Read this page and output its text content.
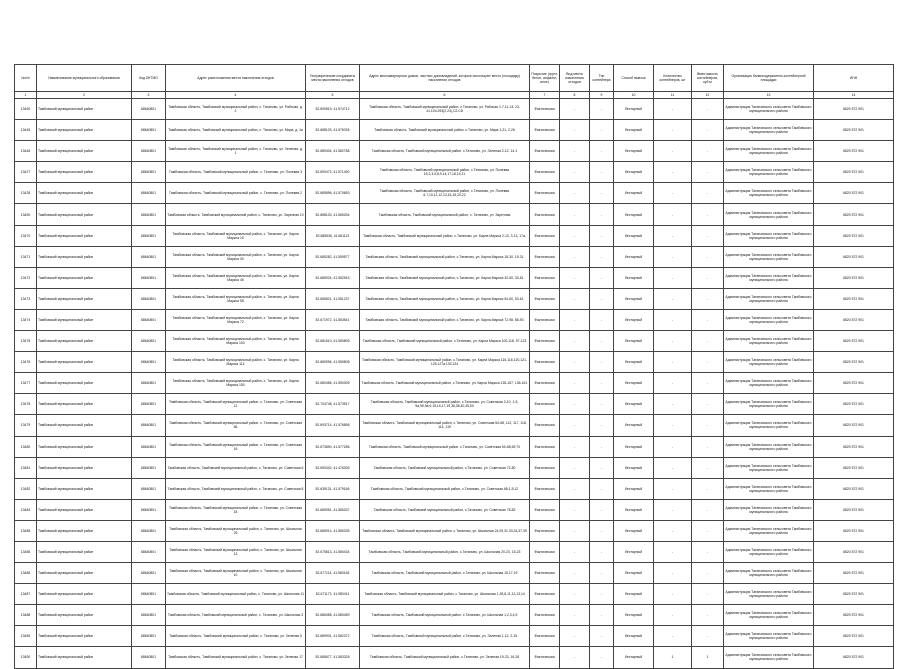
№п/п	Наименование муниципального образования	Код ОКТМО	Адрес расположения места накопления отходов	Географические координаты места накопления отходов	Адрес многоквартирных домов, частных домовладений, которые используют место (площадку) накопления отходов	Покрытие (грунт, бетон, асфальт, иное)	Вид места накопления отходов	Тип контейнера	Способ вывоза	Количество контейнеров, шт	Вместимость контейнеров, куб.м	Организация балансодержатель контейнерной площадки	ИНН
1	2	3	4	5	6	7	8	9	10	11	12	13	14
13450	Тамбовский муниципальный район	68640801	Тамбовская область, Тамбовский муниципальный район, с. Татаново, ул. Рабочая, д. 2	52.690819, 41.574712	Тамбовская область, Тамбовский муниципальный район, с.Татаново, ул. Рабочая 1-7,11-13, 23-41,104,293(2,24),С2-С8	Фактическая	-	-	бестарный	-	-	Администрация Татановского сельсовета Тамбовского муниципального района	6820 572 901
13445	Тамбовский муниципальный район	68640801	Тамбовская область, Тамбовский муниципальный район, с. Татаново, ул. Мира, д. 1а	52.688103, 41.576035	Тамбовская область, Тамбовский муниципальный район, с.Татаново, ул. Мира 1-21, 2-26	Фактическая	-	-	бестарный	-	-	Администрация Татановского сельсовета Тамбовского муниципального района	6820 572 901
13446	Тамбовский муниципальный район	68640801	Тамбовская область, Тамбовский муниципальный район, с. Татаново, ул. Зеленая, д. 1	52.689404, 41.582788	Тамбовская область, Тамбовский муниципальный район, с.Татаново, ул. Зеленая 2-12, 14-1	Фактическая	-	-	бестарный	-	-	Администрация Татановского сельсовета Тамбовского муниципального района	6820 572 901
13427	Тамбовский муниципальный район	68640801	Тамбовская область, Тамбовский муниципальный район, с. Татаново, ул. Полевая 3	52.690472, 41.571490	Тамбовская область, Тамбовский муниципальный район, с.Татаново, ул. Полевая 1б,2,3,5,8,9,14,17,18,19,21	Фактическая	-	-	бестарный	-	-	Администрация Татановского сельсовета Тамбовского муниципального района	6820 572 901
13428	Тамбовский муниципальный район	68640801	Тамбовская область, Тамбовский муниципальный район, с. Татаново, ул. Полевая 2	52.689896, 41.570653	Тамбовская область, Тамбовский муниципальный район, с.Татаново, ул. Полевая 6,7,10,11,12,13,15,16,20,22	Фактическая	-	-	бестарный	-	-	Администрация Татановского сельсовета Тамбовского муниципального района	6820 572 901
13450	Тамбовский муниципальный район	68640801	Тамбовская область, Тамбовский муниципальный район, с. Татаново, ул. Заречная 10	52.688103, 41.565254	Тамбовская область, Тамбовский муниципальный район, с. Татаново, ул. Заречная	Фактическая	-	-	бестарный	-	-	Администрация Татановского сельсовета Тамбовского муниципального района	6820 572 901
13470	Тамбовский муниципальный район	68640801	Тамбовская область, Тамбовский муниципальный район, с. Татаново, ул. Карла Маркса 10	52.685536, 41.661113	Тамбовская область, Тамбовский муниципальный район, с.Татаново, ул. Карла Маркса 2-10, 3-13, 17а,	Фактическая	-	-	бестарный	-	-	Администрация Татановского сельсовета Тамбовского муниципального района	6820 572 901
13471	Тамбовский муниципальный район	68640801	Тамбовская область, Тамбовский муниципальный район, с. Татаново, ул. Карла Маркса 30	52.685282, 41.559577	Тамбовская область, Тамбовский муниципальный район, с.Татаново, ул. Карла Маркса 18-30, 19-31	Фактическая	-	-	бестарный	-	-	Администрация Татановского сельсовета Тамбовского муниципального района	6820 572 901
13472	Тамбовский муниципальный район	68640801	Тамбовская область, Тамбовский муниципальный район, с. Татаново, ул. Карла Маркса 46	52.685924, 41.552943	Тамбовская область, Тамбовский муниципальный район, с.Татаново, ул. Карла Маркса 32-50, 33-51	Фактическая	-	-	бестарный	-	-	Администрация Татановского сельсовета Тамбовского муниципального района	6820 572 901
13473	Тамбовский муниципальный район	68640801	Тамбовская область, Тамбовский муниципальный район, с. Татаново, ул. Карла Маркса 58	52.685821, 41.551237	Тамбовская область, Тамбовский муниципальный район, с.Татаново, ул. Карла Маркса 54-60, 53-61	Фактическая	-	-	бестарный	-	-	Администрация Татановского сельсовета Тамбовского муниципального района	6820 572 901
13474	Тамбовский муниципальный район	68640801	Тамбовская область, Тамбовский муниципальный район, с. Татаново, ул. Карла Маркса 72	52.671972, 41.553541	Тамбовская область, Тамбовский муниципальный район, с.Татаново, ул. Карла Маркса 72-98, 85-93	Фактическая	-	-	бестарный	-	-	Администрация Татановского сельсовета Тамбовского муниципального района	6820 572 901
13475	Тамбовский муниципальный район	68640801	Тамбовская область, Тамбовский муниципальный район, с. Татаново, ул. Карла Маркса 100	52.681610, 41.550805	Тамбовская область, Тамбовский муниципальный район, с.Татаново, ул. Карла Маркса 100-118, 97-123	Фактическая	-	-	бестарный	-	-	Администрация Татановского сельсовета Тамбовского муниципального района	6820 572 901
13476	Тамбовский муниципальный район	68640801	Тамбовская область, Тамбовский муниципальный район, с. Татаново, ул. Карла Маркса 114	52.680996, 41.550805	Тамбовская область, Тамбовский муниципальный район, с.Татаново, ул. Карла Маркса 116,118,120,121-125,127а,133,134	Фактическая	-	-	бестарный	-	-	Администрация Татановского сельсовета Тамбовского муниципального района	6820 572 901
13477	Тамбовский муниципальный район	68640801	Тамбовская область, Тамбовский муниципальный район, с. Татаново, ул. Карла Маркса 150	52.680456, 41.550305	Тамбовская область, Тамбовский муниципальный район, с.Татаново, ул. Карла Маркса 135-157, 136-161	Фактическая	-	-	бестарный	-	-	Администрация Татановского сельсовета Тамбовского муниципального района	6820 572 901
13478	Тамбовский муниципальный район	68640801	Тамбовская область, Тамбовский муниципальный район, с. Татаново, ул. Советская 12	52.704748, 41.573517	Тамбовская область, Тамбовский муниципальный район, с.Татаново, ул. Советская 2-10, 1-5, 9а,9б,9в,9,15,16,17,19,36,38,40,45,50	Фактическая	-	-	бестарный	-	-	Администрация Татановского сельсовета Тамбовского муниципального района	6820 572 901
13479	Тамбовский муниципальный район	68640801	Тамбовская область, Тамбовский муниципальный район, с. Татаново, ул. Советская 56	52.693714, 41.576898	Тамбовская область, Тамбовский муниципальный район, с.Татаново, ул. Советская 54-68, 112, 117, 118, 114, 119	Фактическая	-	-	бестарный	-	-	Администрация Татановского сельсовета Тамбовского муниципального района	6820 572 901
13480	Тамбовский муниципальный район	68640801	Тамбовская область, Тамбовский муниципальный район, с. Татаново, ул. Советская 16	52.673890, 41.577286	Тамбовская область, Тамбовский муниципальный район, с.Татаново, ул. Советская 60-68,69,70	Фактическая	-	-	бестарный	-	-	Администрация Татановского сельсовета Тамбовского муниципального района	6820 572 901
13481	Тамбовский муниципальный район	68640801	Тамбовская область, Тамбовский муниципальный район, с. Татаново, ул. Советская 6	52.690342, 41.476305	Тамбовская область, Тамбовский муниципальный район, с.Татаново, ул. Советская 72-80	Фактическая	-	-	бестарный	-	-	Администрация Татановского сельсовета Тамбовского муниципального района	6820 572 901
13482	Тамбовский муниципальный район	68640801	Тамбовская область, Тамбовский муниципальный район, с. Татаново, ул. Советская 8	52.639131, 41.579166	Тамбовская область, Тамбовский муниципальный район, с.Татаново, ул. Советская 68-1,5,12	Фактическая	-	-	бестарный	-	-	Администрация Татановского сельсовета Тамбовского муниципального района	6820 572 901
13484	Тамбовский муниципальный район	68640801	Тамбовская область, Тамбовский муниципальный район, с. Татаново, ул. Советская 18	52.685951, 41.580337	Тамбовская область, Тамбовский муниципальный район, с.Татаново, ул. Советская 78-83	Фактическая	-	-	бестарный	-	-	Администрация Татановского сельсовета Тамбовского муниципального района	6820 572 901
13485	Тамбовский муниципальный район	68640801	Тамбовская область, Тамбовский муниципальный район, с. Татаново, ул. Школьная 25	52.685914, 41.580335	Тамбовская область, Тамбовский муниципальный район, с.Татаново, ул. Школьная 24,29,31,33,34,37,39	Фактическая	-	-	бестарный	-	-	Администрация Татановского сельсовета Тамбовского муниципального района	6820 572 901
13486	Тамбовский муниципальный район	68640801	Тамбовская область, Тамбовский муниципальный район, с. Татаново, ул. Школьная 13	52.675813, 41.580434	Тамбовская область, Тамбовский муниципальный район, с.Татаново, ул. Школьная 20-23, 15-23	Фактическая	-	-	бестарный	-	-	Администрация Татановского сельсовета Тамбовского муниципального района	6820 572 901
13486	Тамбовский муниципальный район	68640801	Тамбовская область, Тамбовский муниципальный район, с. Татаново, ул. Школьная 10	52.677114, 41.580163	Тамбовская область, Тамбовский муниципальный район, с.Татаново, ул. Школьная 15,17,19	Фактическая	-	-	бестарный	-	-	Администрация Татановского сельсовета Тамбовского муниципального района	6820 572 901
13487	Тамбовский муниципальный район	68640801	Тамбовская область, Тамбовский муниципальный район, с. Татаново, ул. Школьная 11	52.671172, 41.980411	Тамбовская область, Тамбовский муниципальный район, с.Татаново, ул. Школьная 1,3б,8,11,12,13,14	Фактическая	-	-	бестарный	-	-	Администрация Татановского сельсовета Тамбовского муниципального района	6820 572 901
13488	Тамбовский муниципальный район	68640801	Тамбовская область, Тамбовский муниципальный район, с. Татаново, ул. Школьная 3	52.686358, 41.580489	Тамбовская область, Тамбовский муниципальный район, с.Татаново, ул. Школьная 1,2,3,4,5	Фактическая	-	-	бестарный	-	-	Администрация Татановского сельсовета Тамбовского муниципального района	6820 572 901
13489	Тамбовский муниципальный район	68640801	Тамбовская область, Тамбовский муниципальный район, с. Татаново, ул. Зеленая 5	52.689901, 41.582372	Тамбовская область, Тамбовский муниципальный район, с.Татаново, ул. Зеленая 1-12, 2-15	Фактическая	-	-	бестарный	-	-	Администрация Татановского сельсовета Тамбовского муниципального района	6820 572 901
13490	Тамбовский муниципальный район	68640801	Тамбовская область, Тамбовский муниципальный район, с. Татаново, ул. Зеленая 17	52.688677, 41.583328	Тамбовская область, Тамбовский муниципальный район, с.Татаново, ул. Зеленая 19-23, 16-28	Фактическая	-	-	бестарный	1	1	Администрация Татановского сельсовета Тамбовского муниципального района	6820 572 901
